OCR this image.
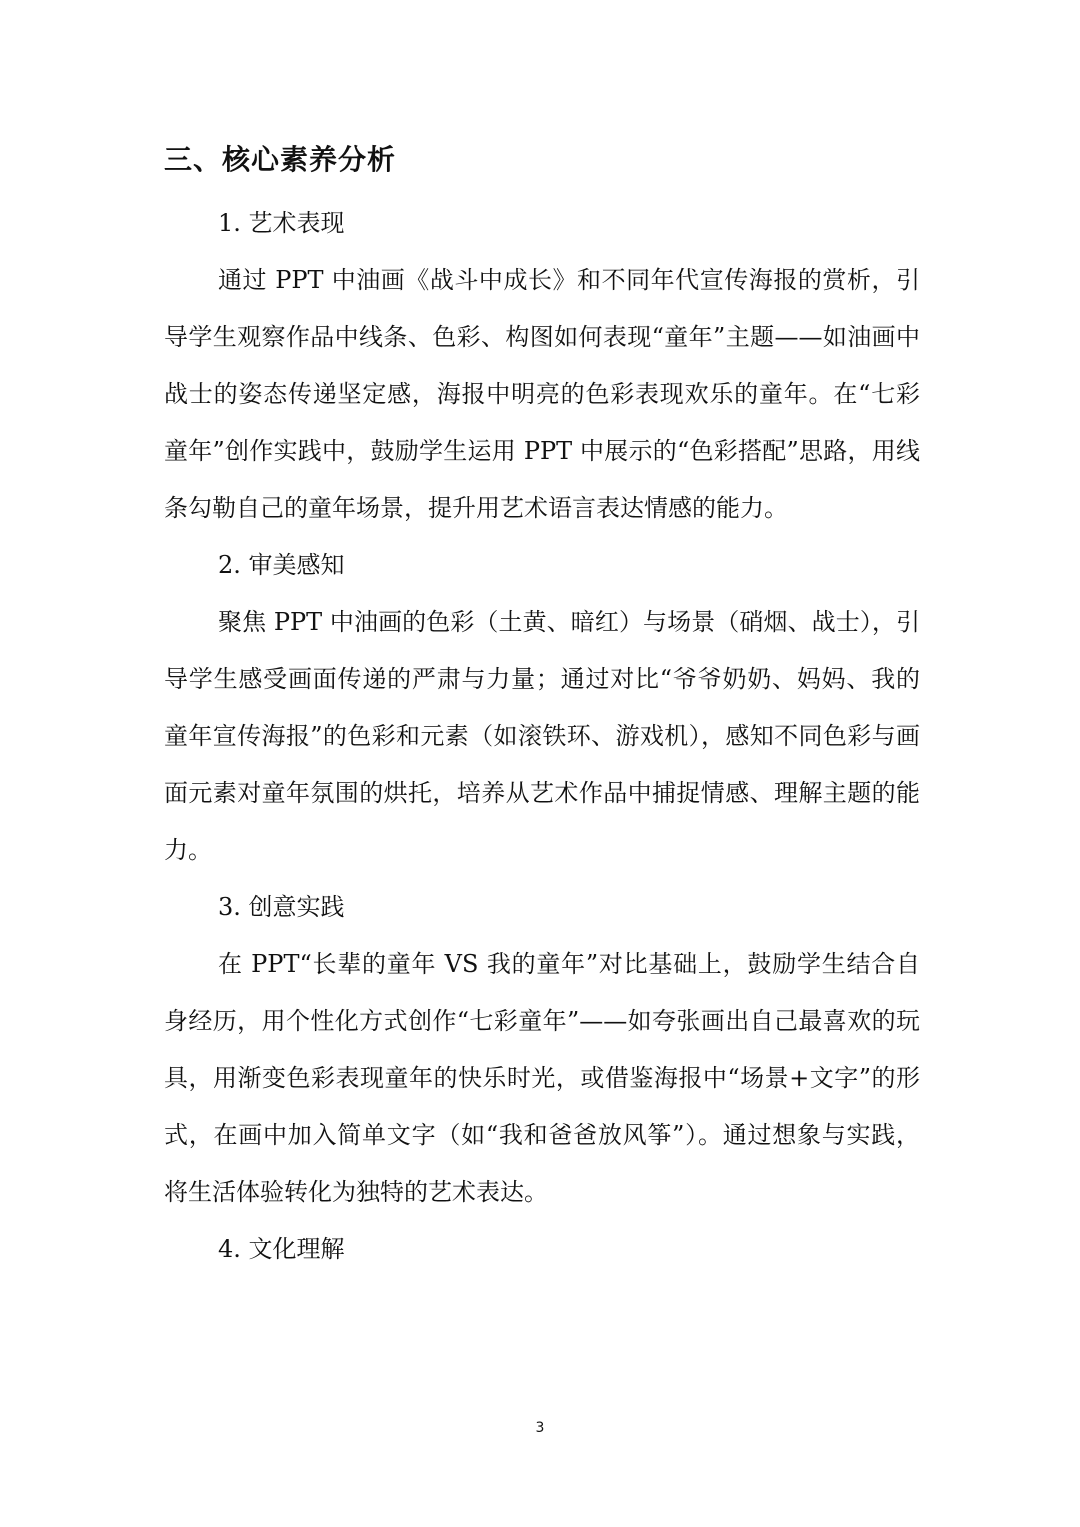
三、核心素养分析
1. 艺术表现

通过 PPT 中油画《战斗中成长》和不同年代宣传海报的赏析，引导学生观察作品中线条、色彩、构图如何表现“童年”主题——如油画中战士的姿态传递坚定感，海报中明亮的色彩表现欢乐的童年。在“七彩童年”创作实践中，鼓励学生运用 PPT 中展示的“色彩搭配”思路，用线条勾勒自己的童年场景，提升用艺术语言表达情感的能力。

2. 审美感知

聚焦 PPT 中油画的色彩（土黄、暗红）与场景（硝烟、战士），引导学生感受画面传递的严肃与力量；通过对比“爷爷奶奶、妈妈、我的童年宣传海报”的色彩和元素（如滚铁环、游戏机），感知不同色彩与画面元素对童年氛围的烘托，培养从艺术作品中捕捉情感、理解主题的能力。

3. 创意实践

在 PPT“长辈的童年 VS 我的童年”对比基础上，鼓励学生结合自身经历，用个性化方式创作“七彩童年”——如夸张画出自己最喜欢的玩具，用渐变色彩表现童年的快乐时光，或借鉴海报中“场景+文字”的形式，在画中加入简单文字（如“我和爸爸放风筝”）。通过想象与实践，将生活体验转化为独特的艺术表达。

4. 文化理解
3
